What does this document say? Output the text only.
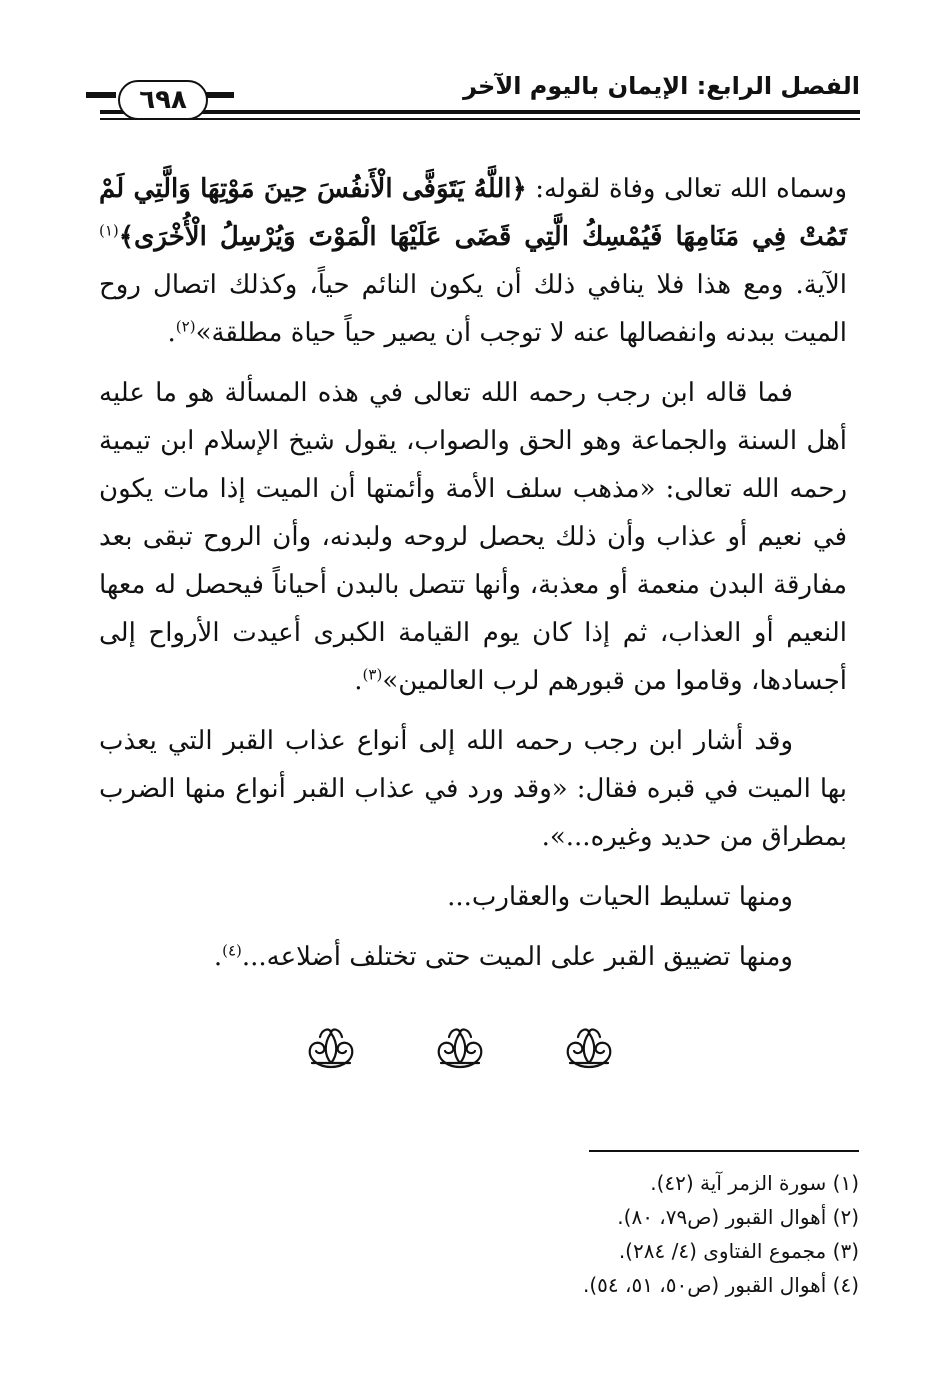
الفصل الرابع: الإيمان باليوم الآخر
٦٩٨

وسماه الله تعالى وفاة لقوله: ﴿اللَّهُ يَتَوَفَّى الْأَنفُسَ حِينَ مَوْتِهَا وَالَّتِي لَمْ تَمُتْ فِي مَنَامِهَا فَيُمْسِكُ الَّتِي قَضَى عَلَيْهَا الْمَوْتَ وَيُرْسِلُ الْأُخْرَى﴾$^{(١)}$ الآية. ومع هذا فلا ينافي ذلك أن يكون النائم حياً، وكذلك اتصال روح الميت ببدنه وانفصالها عنه لا توجب أن يصير حياً حياة مطلقة»$^{(٢)}$.

فما قاله ابن رجب رحمه الله تعالى في هذه المسألة هو ما عليه أهل السنة والجماعة وهو الحق والصواب، يقول شيخ الإسلام ابن تيمية رحمه الله تعالى: «مذهب سلف الأمة وأئمتها أن الميت إذا مات يكون في نعيم أو عذاب وأن ذلك يحصل لروحه ولبدنه، وأن الروح تبقى بعد مفارقة البدن منعمة أو معذبة، وأنها تتصل بالبدن أحياناً فيحصل له معها النعيم أو العذاب، ثم إذا كان يوم القيامة الكبرى أعيدت الأرواح إلى أجسادها، وقاموا من قبورهم لرب العالمين»$^{(٣)}$.

وقد أشار ابن رجب رحمه الله إلى أنواع عذاب القبر التي يعذب بها الميت في قبره فقال: «وقد ورد في عذاب القبر أنواع منها الضرب بمطراق من حديد وغيره...».

ومنها تسليط الحيات والعقارب...

ومنها تضييق القبر على الميت حتى تختلف أضلاعه...$^{(٤)}$.

(١) سورة الزمر آية (٤٢).
(٢) أهوال القبور (ص٧٩، ٨٠).
(٣) مجموع الفتاوى (٤/ ٢٨٤).
(٤) أهوال القبور (ص٥٠، ٥١، ٥٤).
